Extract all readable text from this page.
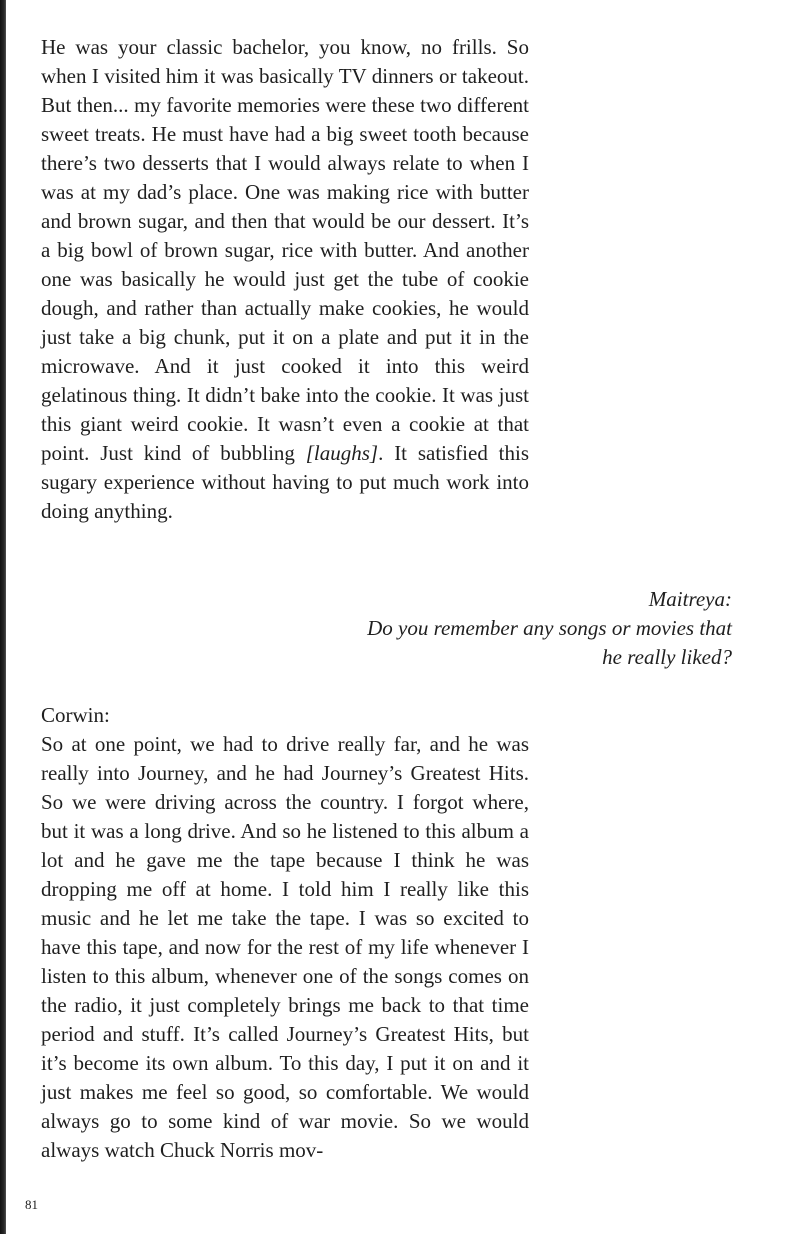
He was your classic bachelor, you know, no frills. So when I visited him it was basically TV dinners or takeout. But then... my favorite memories were these two different sweet treats. He must have had a big sweet tooth because there’s two desserts that I would always relate to when I was at my dad’s place. One was making rice with butter and brown sugar, and then that would be our dessert. It’s a big bowl of brown sugar, rice with butter. And another one was basically he would just get the tube of cookie dough, and rather than actually make cookies, he would just take a big chunk, put it on a plate and put it in the microwave. And it just cooked it into this weird gelatinous thing. It didn’t bake into the cookie. It was just this giant weird cookie. It wasn’t even a cookie at that point. Just kind of bubbling [laughs]. It satisfied this sugary experience without having to put much work into doing anything.

Maitreya:
Do you remember any songs or movies that
he really liked?
Corwin:

So at one point, we had to drive really far, and he was really into Journey, and he had Journey’s Greatest Hits. So we were driving across the country. I forgot where, but it was a long drive. And so he listened to this album a lot and he gave me the tape because I think he was dropping me off at home. I told him I really like this music and he let me take the tape. I was so excited to have this tape, and now for the rest of my life whenever I listen to this album, whenever one of the songs comes on the radio, it just completely brings me back to that time period and stuff. It’s called Journey’s Greatest Hits, but it’s become its own album. To this day, I put it on and it just makes me feel so good, so comfortable. We would always go to some kind of war movie. So we would always watch Chuck Norris mov-

81
